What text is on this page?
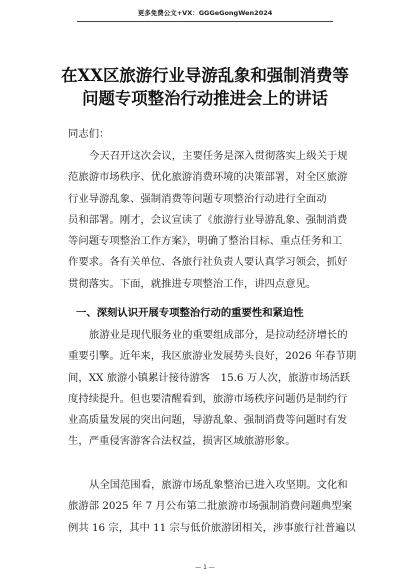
更多免费公文+VX：GGGeGongWen2024
在XX区旅游行业导游乱象和强制消费等
问题专项整治行动推进会上的讲话
同志们：
今天召开这次会议，主要任务是深入贯彻落实上级关于规
范旅游市场秩序、优化旅游消费环境的决策部署，对全区旅游
行业导游乱象、强制消费等问题专项整治行动进行全面动
员和部署。刚才，会议宣读了《旅游行业导游乱象、强制消费
等问题专项整治工作方案》，明确了整治目标、重点任务和工
作要求。各有关单位、各旅行社负责人要认真学习领会，抓好
贯彻落实。下面，就推进专项整治工作，讲四点意见。
一、深刻认识开展专项整治行动的重要性和紧迫性
旅游业是现代服务业的重要组成部分，是拉动经济增长的
重要引擎。近年来，我区旅游业发展势头良好，2026 年春节期
间，XX 旅游小镇累计接待游客　15.6 万人次，旅游市场活跃
度持续提升。但也要清醒看到，旅游市场秩序问题仍是制约行
业高质量发展的突出问题，导游乱象、强制消费等问题时有发
生，严重侵害游客合法权益，损害区域旅游形象。
从全国范围看，旅游市场乱象整治已进入攻坚期。文化和
旅游部 2025 年 7 月公布第二批旅游市场强制消费问题典型案
例共 16 宗，其中 11 宗与低价旅游团相关，涉事旅行社普遍以
— 1 —
